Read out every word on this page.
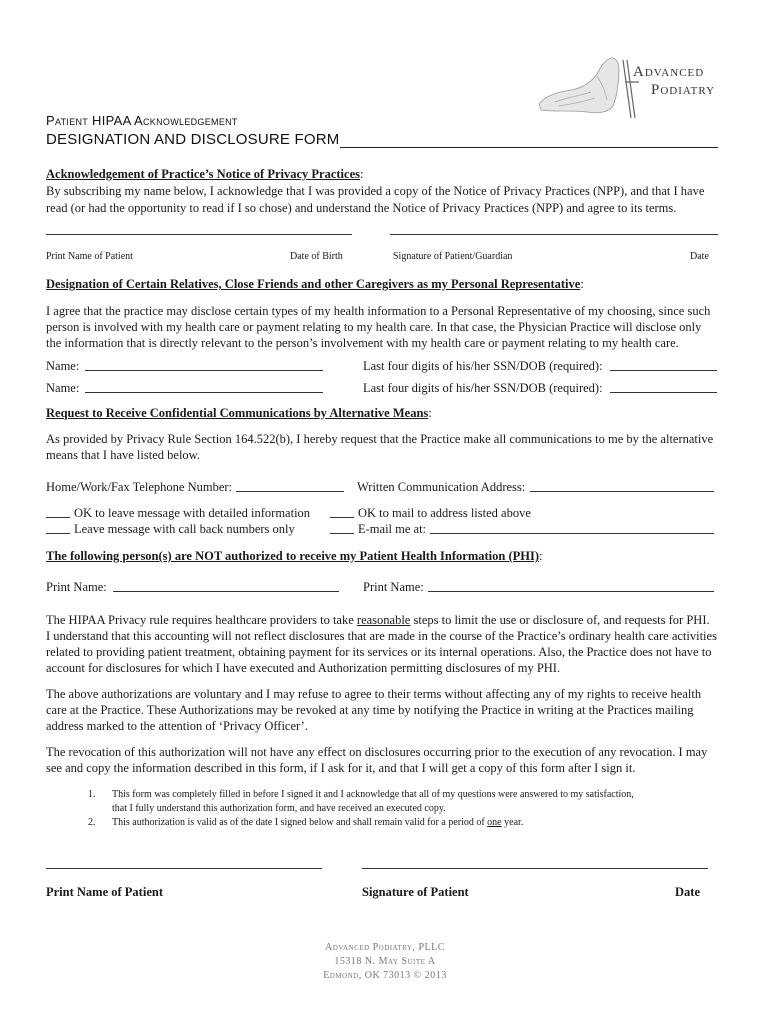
Advanced
Podiatry
Patient HIPAA Acknowledgement
DESIGNATION AND DISCLOSURE FORM
Acknowledgement of Practice’s Notice of Privacy Practices:
By subscribing my name below, I acknowledge that I was provided a copy of the Notice of Privacy Practices (NPP), and that I have
read (or had the opportunity to read if I so chose) and understand the Notice of Privacy Practices (NPP) and agree to its terms.
Print Name of Patient	Date of Birth	Signature of Patient/Guardian	Date
Designation of Certain Relatives, Close Friends and other Caregivers as my Personal Representative:
I agree that the practice may disclose certain types of my health information to a Personal Representative of my choosing, since such
person is involved with my health care or payment relating to my health care. In that case, the Physician Practice will disclose only
the information that is directly relevant to the person’s involvement with my health care or payment relating to my health care.
Name:	Last four digits of his/her SSN/DOB (required):
Name:	Last four digits of his/her SSN/DOB (required):
Request to Receive Confidential Communications by Alternative Means:
As provided by Privacy Rule Section 164.522(b), I hereby request that the Practice make all communications to me by the alternative
means that I have listed below.
Home/Work/Fax Telephone Number:	Written Communication Address:
OK to leave message with detailed information	OK to mail to address listed above
Leave message with call back numbers only	E-mail me at:
The following person(s) are NOT authorized to receive my Patient Health Information (PHI):
Print Name:	Print Name:
The HIPAA Privacy rule requires healthcare providers to take reasonable steps to limit the use or disclosure of, and requests for PHI.
I understand that this accounting will not reflect disclosures that are made in the course of the Practice’s ordinary health care activities
related to providing patient treatment, obtaining payment for its services or its internal operations. Also, the Practice does not have to
account for disclosures for which I have executed and Authorization permitting disclosures of my PHI.
The above authorizations are voluntary and I may refuse to agree to their terms without affecting any of my rights to receive health
care at the Practice. These Authorizations may be revoked at any time by notifying the Practice in writing at the Practices mailing
address marked to the attention of ‘Privacy Officer’.
The revocation of this authorization will not have any effect on disclosures occurring prior to the execution of any revocation. I may
see and copy the information described in this form, if I ask for it, and that I will get a copy of this form after I sign it.
1. This form was completely filled in before I signed it and I acknowledge that all of my questions were answered to my satisfaction,
that I fully understand this authorization form, and have received an executed copy.
2. This authorization is valid as of the date I signed below and shall remain valid for a period of one year.
Print Name of Patient	Signature of Patient	Date
Advanced Podiatry, PLLC
15318 N. May Suite A
Edmond, OK 73013 © 2013
